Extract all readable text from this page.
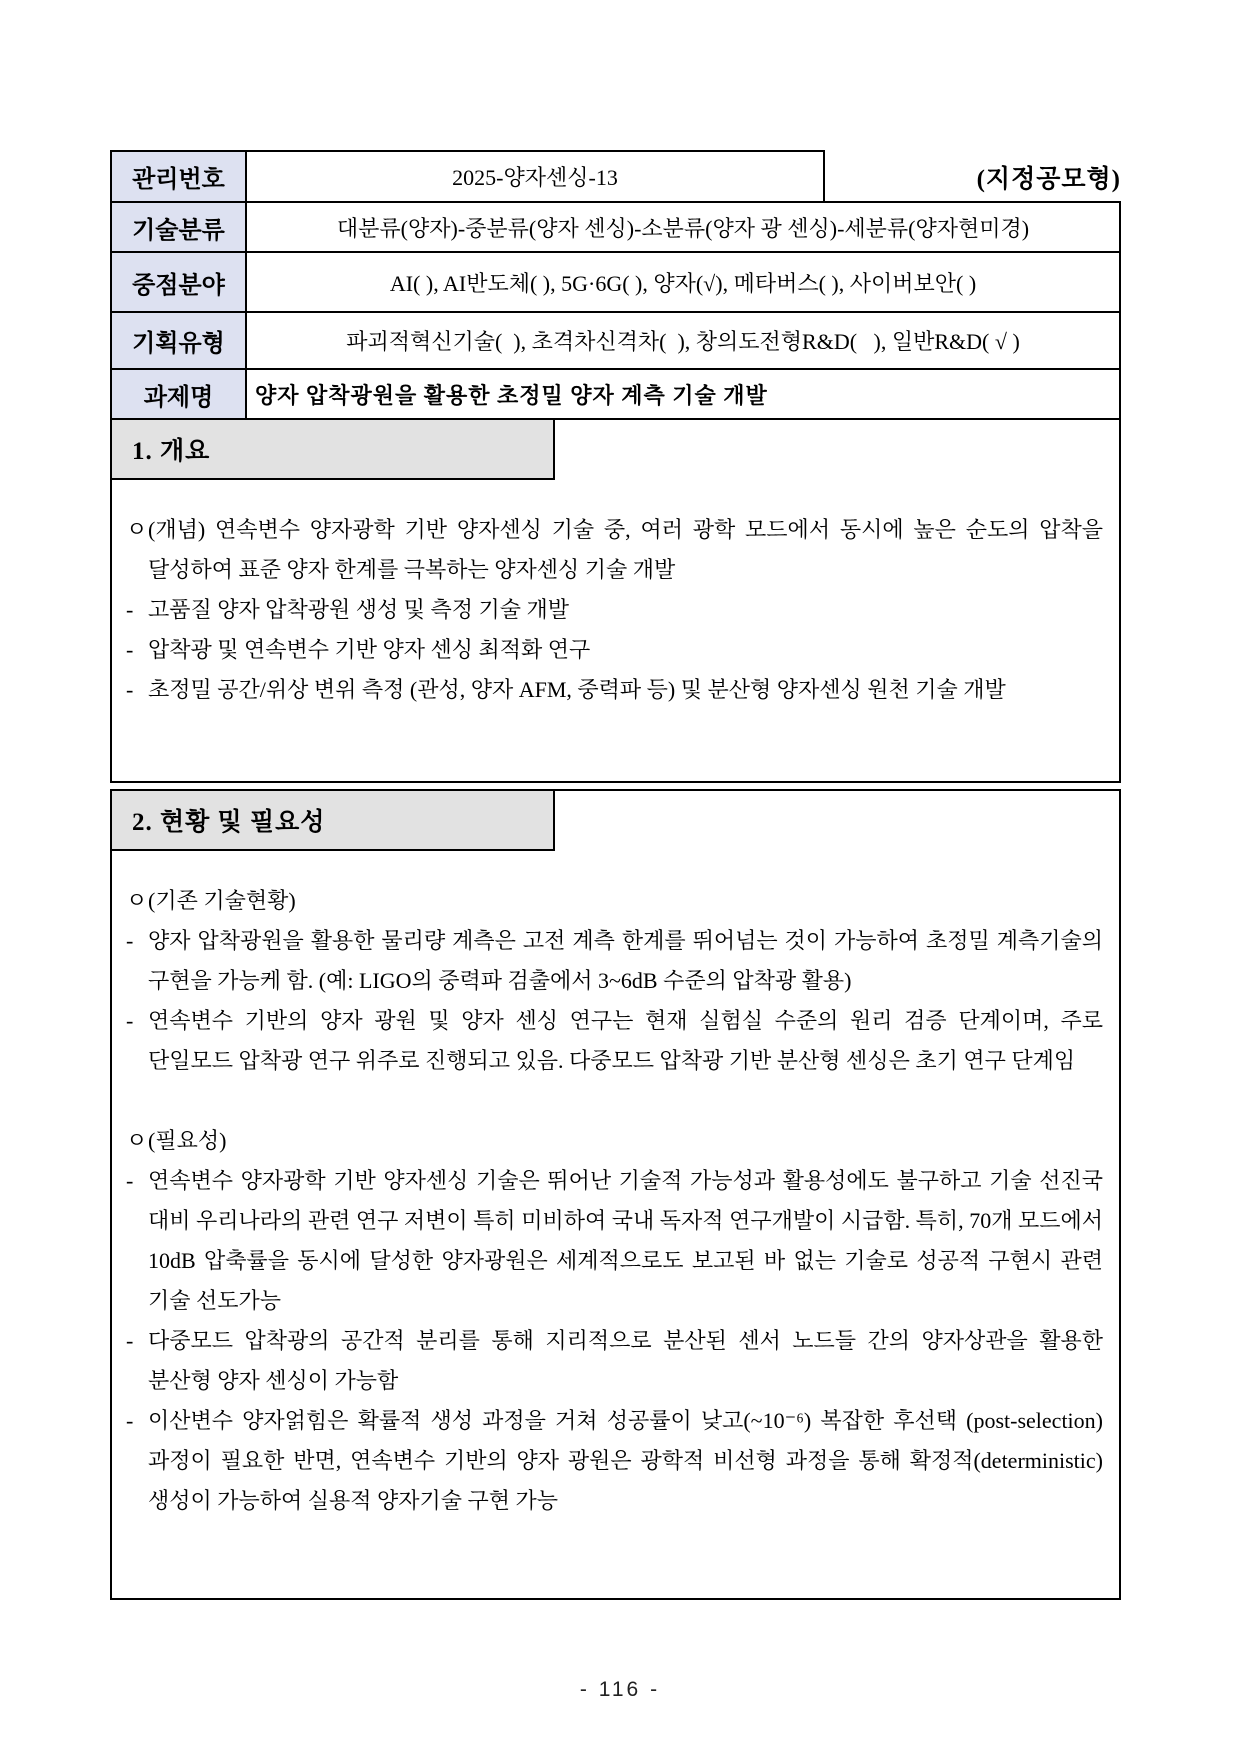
관리번호	2025-양자센싱-13	(지정공모형)
기술분류	대분류(양자)-중분류(양자 센싱)-소분류(양자 광 센싱)-세분류(양자현미경)
중점분야	AI( ), AI반도체( ), 5G·6G( ), 양자(√), 메타버스( ), 사이버보안( )
기획유형	파괴적혁신기술(  ), 초격차신격차(  ), 창의도전형R&D(   ), 일반R&D( √ )
과제명	양자 압착광원을 활용한 초정밀 양자 계측 기술 개발
1. 개요
ㅇ (개념) 연속변수 양자광학 기반 양자센싱 기술 중, 여러 광학 모드에서 동시에 높은 순도의 압착을 달성하여 표준 양자 한계를 극복하는 양자센싱 기술 개발
- 고품질 양자 압착광원 생성 및 측정 기술 개발
- 압착광 및 연속변수 기반 양자 센싱 최적화 연구
- 초정밀 공간/위상 변위 측정 (관성, 양자 AFM, 중력파 등) 및 분산형 양자센싱 원천 기술 개발
2. 현황 및 필요성
ㅇ (기존 기술현황)
- 양자 압착광원을 활용한 물리량 계측은 고전 계측 한계를 뛰어넘는 것이 가능하여 초정밀 계측기술의 구현을 가능케 함. (예: LIGO의 중력파 검출에서 3~6dB 수준의 압착광 활용)
- 연속변수 기반의 양자 광원 및 양자 센싱 연구는 현재 실험실 수준의 원리 검증 단계이며, 주로 단일모드 압착광 연구 위주로 진행되고 있음. 다중모드 압착광 기반 분산형 센싱은 초기 연구 단계임
ㅇ (필요성)
- 연속변수 양자광학 기반 양자센싱 기술은 뛰어난 기술적 가능성과 활용성에도 불구하고 기술 선진국 대비 우리나라의 관련 연구 저변이 특히 미비하여 국내 독자적 연구개발이 시급함. 특히, 70개 모드에서 10dB 압축률을 동시에 달성한 양자광원은 세계적으로도 보고된 바 없는 기술로 성공적 구현시 관련 기술 선도가능
- 다중모드 압착광의 공간적 분리를 통해 지리적으로 분산된 센서 노드들 간의 양자상관을 활용한 분산형 양자 센싱이 가능함
- 이산변수 양자얽힘은 확률적 생성 과정을 거쳐 성공률이 낮고(~10⁻⁶) 복잡한 후선택 (post-selection) 과정이 필요한 반면, 연속변수 기반의 양자 광원은 광학적 비선형 과정을 통해 확정적(deterministic) 생성이 가능하여 실용적 양자기술 구현 가능
- 116 -
